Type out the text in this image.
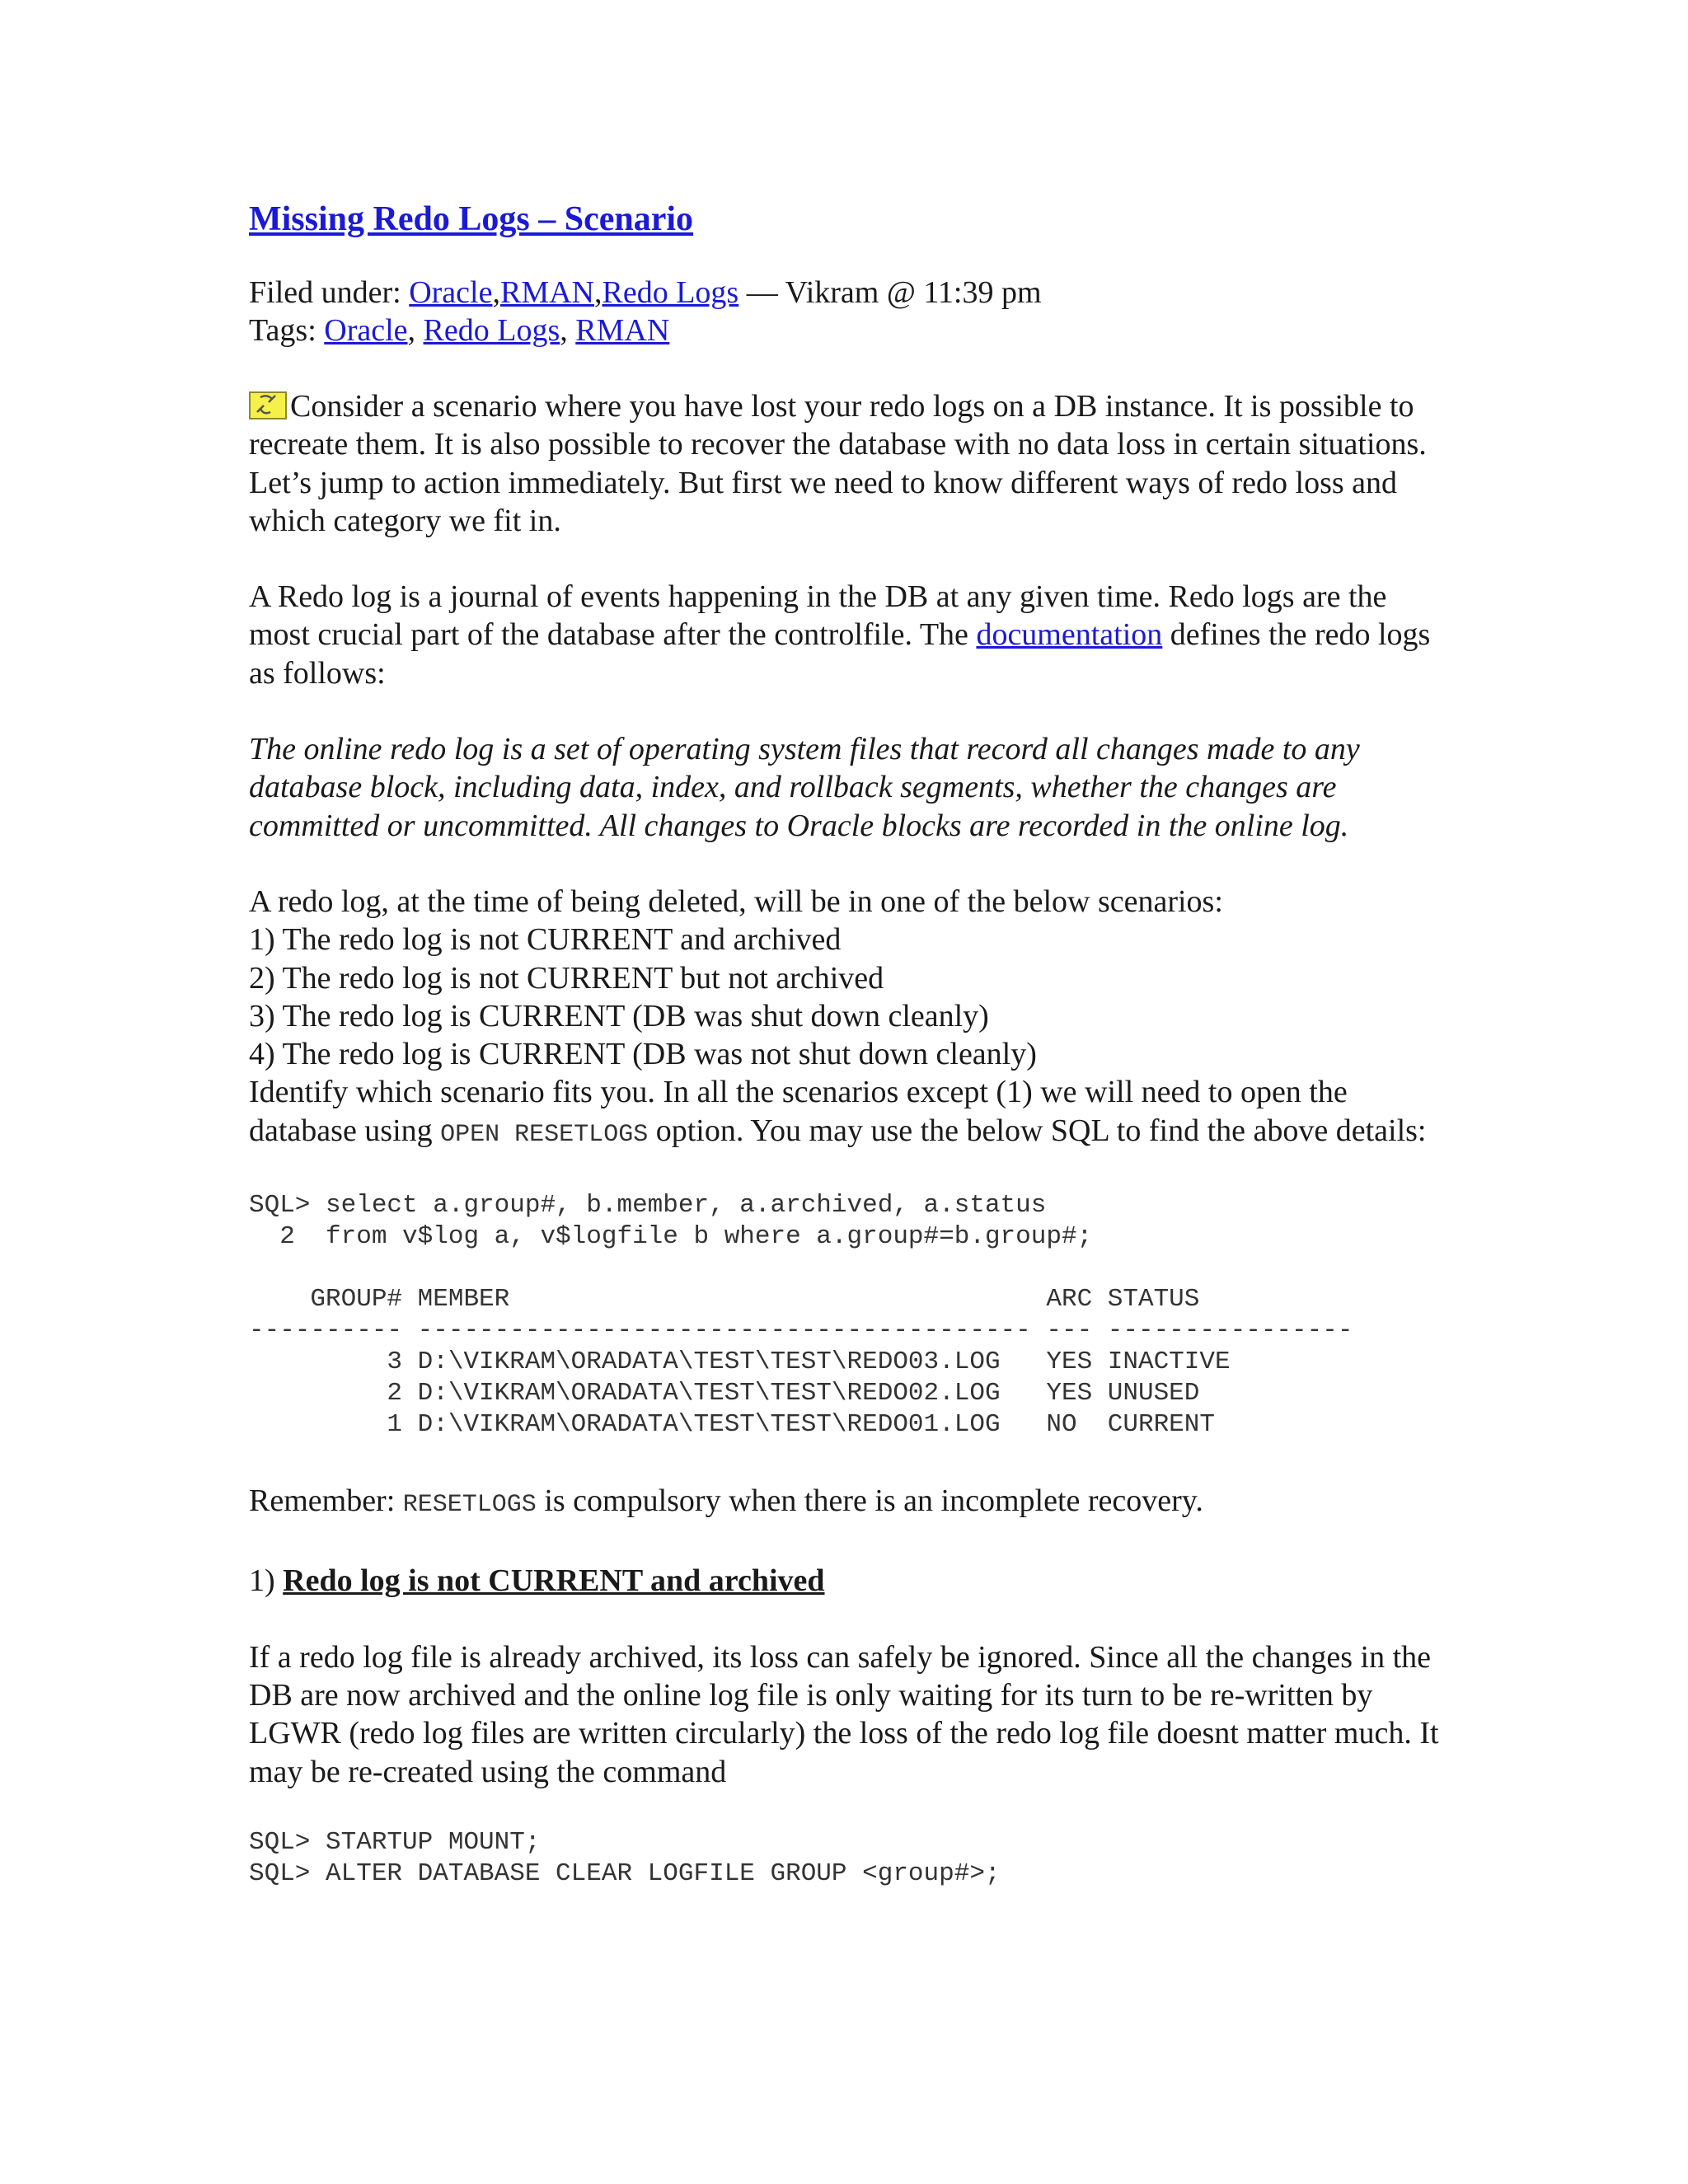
Missing Redo Logs – Scenario
Filed under: Oracle,RMAN,Redo Logs — Vikram @ 11:39 pm
Tags: Oracle, Redo Logs, RMAN

Consider a scenario where you have lost your redo logs on a DB instance. It is possible to recreate them. It is also possible to recover the database with no data loss in certain situations. Let’s jump to action immediately. But first we need to know different ways of redo loss and which category we fit in.

A Redo log is a journal of events happening in the DB at any given time. Redo logs are the most crucial part of the database after the controlfile. The documentation defines the redo logs as follows:

The online redo log is a set of operating system files that record all changes made to any database block, including data, index, and rollback segments, whether the changes are committed or uncommitted. All changes to Oracle blocks are recorded in the online log.

A redo log, at the time of being deleted, will be in one of the below scenarios:

1) The redo log is not CURRENT and archived

2) The redo log is not CURRENT but not archived

3) The redo log is CURRENT (DB was shut down cleanly)

4) The redo log is CURRENT (DB was not shut down cleanly)

Identify which scenario fits you. In all the scenarios except (1) we will need to open the database using OPEN RESETLOGS option. You may use the below SQL to find the above details:

SQL> select a.group#, b.member, a.archived, a.status
2  from v$log a, v$logfile b where a.group#=b.group#;

GROUP# MEMBER                                   ARC STATUS
---------- ---------------------------------------- --- ----------------
3 D:\VIKRAM\ORADATA\TEST\TEST\REDO03.LOG   YES INACTIVE
2 D:\VIKRAM\ORADATA\TEST\TEST\REDO02.LOG   YES UNUSED
1 D:\VIKRAM\ORADATA\TEST\TEST\REDO01.LOG   NO  CURRENT

Remember: RESETLOGS is compulsory when there is an incomplete recovery.

1) Redo log is not CURRENT and archived

If a redo log file is already archived, its loss can safely be ignored. Since all the changes in the DB are now archived and the online log file is only waiting for its turn to be re-written by LGWR (redo log files are written circularly) the loss of the redo log file doesnt matter much. It may be re-created using the command

SQL> STARTUP MOUNT;
SQL> ALTER DATABASE CLEAR LOGFILE GROUP <group#>;
